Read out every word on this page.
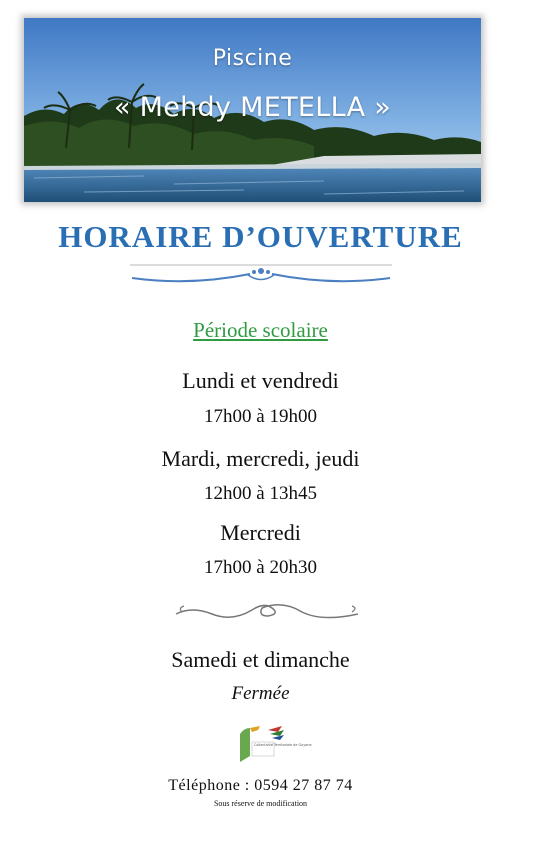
Piscine
« Mehdy METELLA »
HORAIRE D’OUVERTURE
Période scolaire
Lundi et vendredi
17h00 à 19h00
Mardi, mercredi, jeudi
12h00 à 13h45
Mercredi
17h00 à 20h30
Samedi et dimanche
Fermée
Collectivité Territoriale de Guyane
Téléphone : 0594 27 87 74
Sous réserve de modification
